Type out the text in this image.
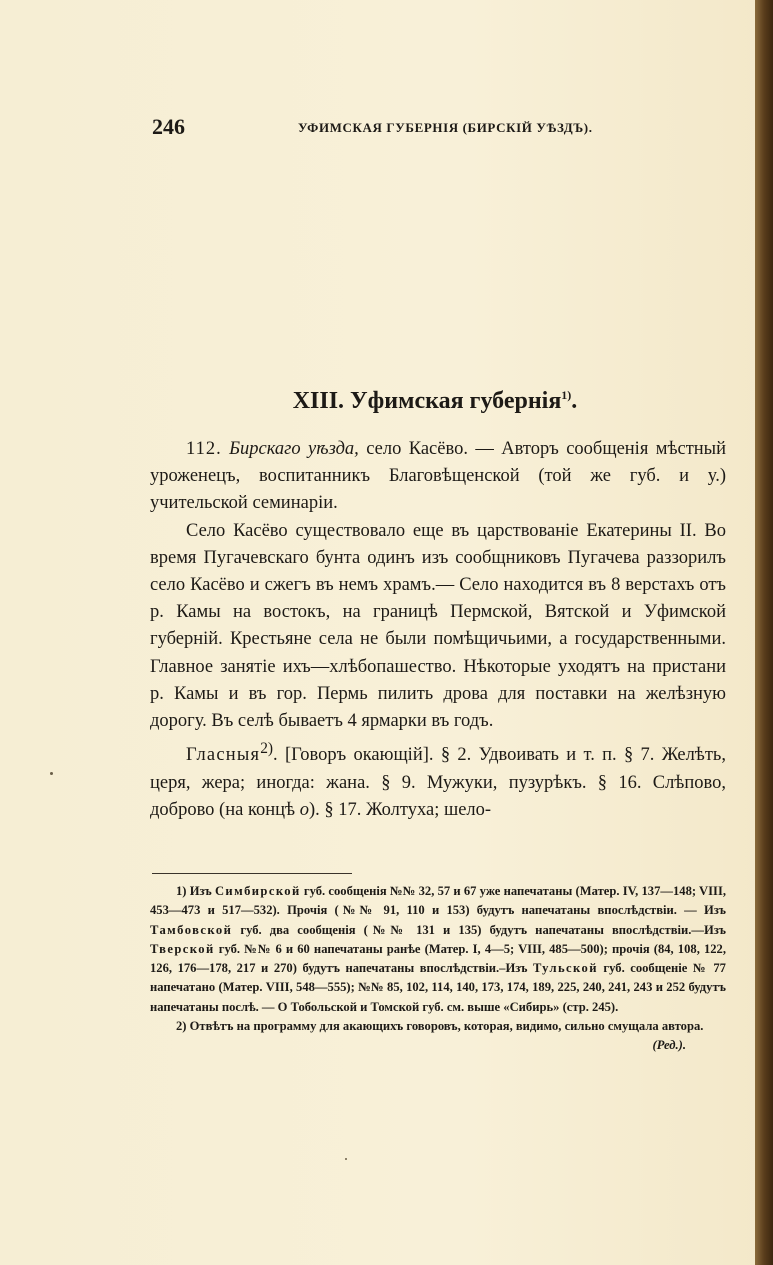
246	УФИМСКАЯ ГУБЕРНІЯ (БИРСКІЙ УѢЗДЪ).
XIII. Уфимская губернія$^{1)}$.

112. Бирскаго уѣзда, село Касёво. — Авторъ сообщенія мѣстный уроженецъ, воспитанникъ Благовѣщенской (той же губ. и у.) учительской семинаріи.

Село Касёво существовало еще въ царствованіе Екатерины II. Во время Пугачевскаго бунта одинъ изъ сообщниковъ Пугачева раззорилъ село Касёво и сжегъ въ немъ храмъ.— Село находится въ 8 верстахъ отъ р. Камы на востокъ, на границѣ Пермской, Вятской и Уфимской губерній. Крестьяне села не были помѣщичьими, а государственными. Главное занятіе ихъ—хлѣбопашество. Нѣкоторые уходятъ на пристани р. Камы и въ гор. Пермь пилить дрова для поставки на желѣзную дорогу. Въ селѣ бываетъ 4 ярмарки въ годъ.

Гласныя$^{2)}$. [Говоръ окающій]. § 2. Удвоивать и т. п. § 7. Желѣть, церя, жера; иногда: жана. § 9. Мужуки, пузурѣкъ. § 16. Слѣпово, доброво (на концѣ о). § 17. Жолтуха; шело-

1) Изъ Симбирской губ. сообщенія №№ 32, 57 и 67 уже напечатаны (Матер. IV, 137—148; VIII, 453—473 и 517—532). Прочія (№№ 91, 110 и 153) будутъ напечатаны впослѣдствіи. — Изъ Тамбовской губ. два сообщенія (№№ 131 и 135) будутъ напечатаны впослѣдствіи.—Изъ Тверской губ. №№ 6 и 60 напечатаны ранѣе (Матер. I, 4—5; VIII, 485—500); прочія (84, 108, 122, 126, 176—178, 217 и 270) будутъ напечатаны впослѣдствіи.–Изъ Тульской губ. сообщеніе № 77 напечатано (Матер. VIII, 548—555); №№ 85, 102, 114, 140, 173, 174, 189, 225, 240, 241, 243 и 252 будутъ напечатаны послѣ. — О Тобольской и Томской губ. см. выше «Сибирь» (стр. 245).

2) Отвѣтъ на программу для акающихъ говоровъ, которая, видимо, сильно смущала автора.
(Ред.).
